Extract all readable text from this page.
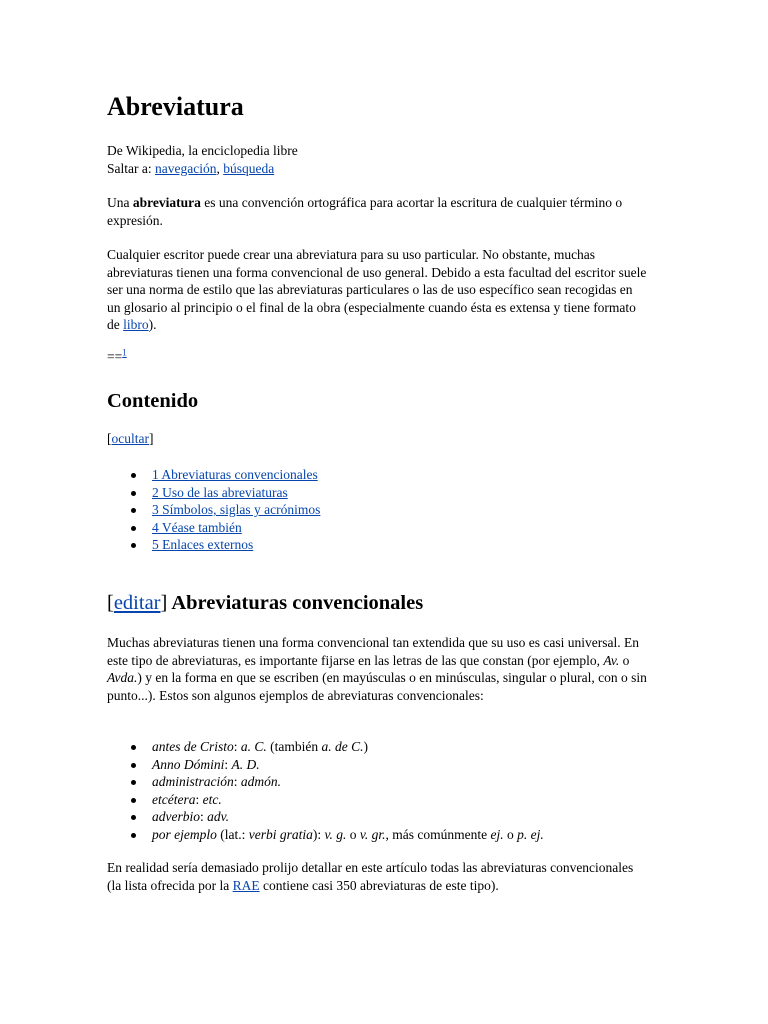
Abreviatura
De Wikipedia, la enciclopedia libre
Saltar a: navegación, búsqueda

Una abreviatura es una convención ortográfica para acortar la escritura de cualquier término o expresión.

Cualquier escritor puede crear una abreviatura para su uso particular. No obstante, muchas abreviaturas tienen una forma convencional de uso general. Debido a esta facultad del escritor suele ser una norma de estilo que las abreviaturas particulares o las de uso específico sean recogidas en un glosario al principio o el final de la obra (especialmente cuando ésta es extensa y tiene formato de libro).

==$^1$

Contenido
[ocultar]
1 Abreviaturas convencionales
2 Uso de las abreviaturas
3 Símbolos, siglas y acrónimos
4 Véase también
5 Enlaces externos
[editar] Abreviaturas convencionales

Muchas abreviaturas tienen una forma convencional tan extendida que su uso es casi universal. En este tipo de abreviaturas, es importante fijarse en las letras de las que constan (por ejemplo, Av. o Avda.) y en la forma en que se escriben (en mayúsculas o en minúsculas, singular o plural, con o sin punto...). Estos son algunos ejemplos de abreviaturas convencionales:

antes de Cristo: a. C. (también a. de C.)
Anno Dómini: A. D.
administración: admón.
etcétera: etc.
adverbio: adv.
por ejemplo (lat.: verbi gratia): v. g. o v. gr., más comúnmente ej. o p. ej.

En realidad sería demasiado prolijo detallar en este artículo todas las abreviaturas convencionales (la lista ofrecida por la RAE contiene casi 350 abreviaturas de este tipo).
